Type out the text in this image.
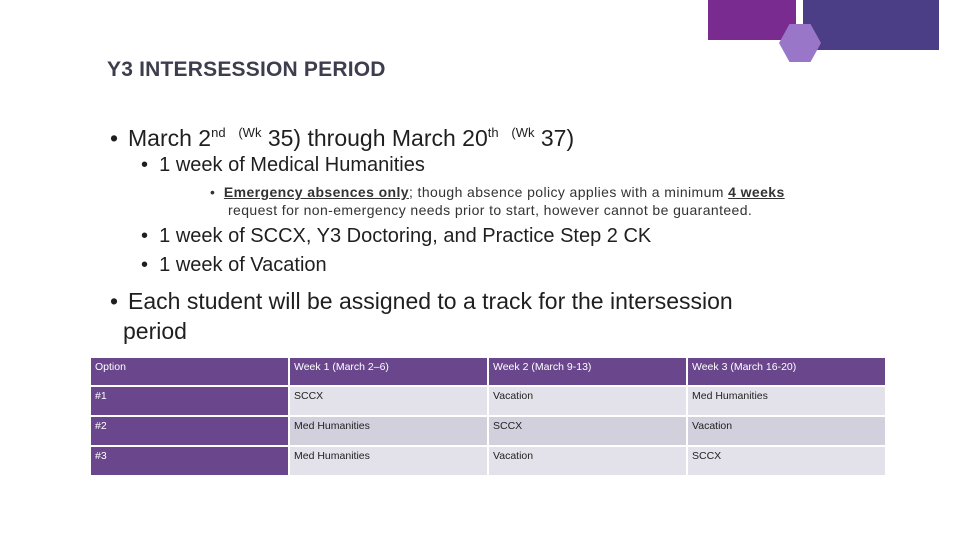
Y3 INTERSESSION PERIOD
• March 2nd $^{(Wk}$ 35) through March 20th $^{(Wk}$ 37)
• 1 week of Medical Humanities
• Emergency absences only; though absence policy applies with a minimum 4 weeks
request for non-emergency needs prior to start, however cannot be guaranteed.
• 1 week of SCCX, Y3 Doctoring, and Practice Step 2 CK
• 1 week of Vacation
• Each student will be assigned to a track for the intersession
period
Option	Week 1 (March 2–6)	Week 2 (March 9-13)	Week 3 (March 16-20)
#1	SCCX	Vacation	Med Humanities
#2	Med Humanities	SCCX	Vacation
#3	Med Humanities	Vacation	SCCX
